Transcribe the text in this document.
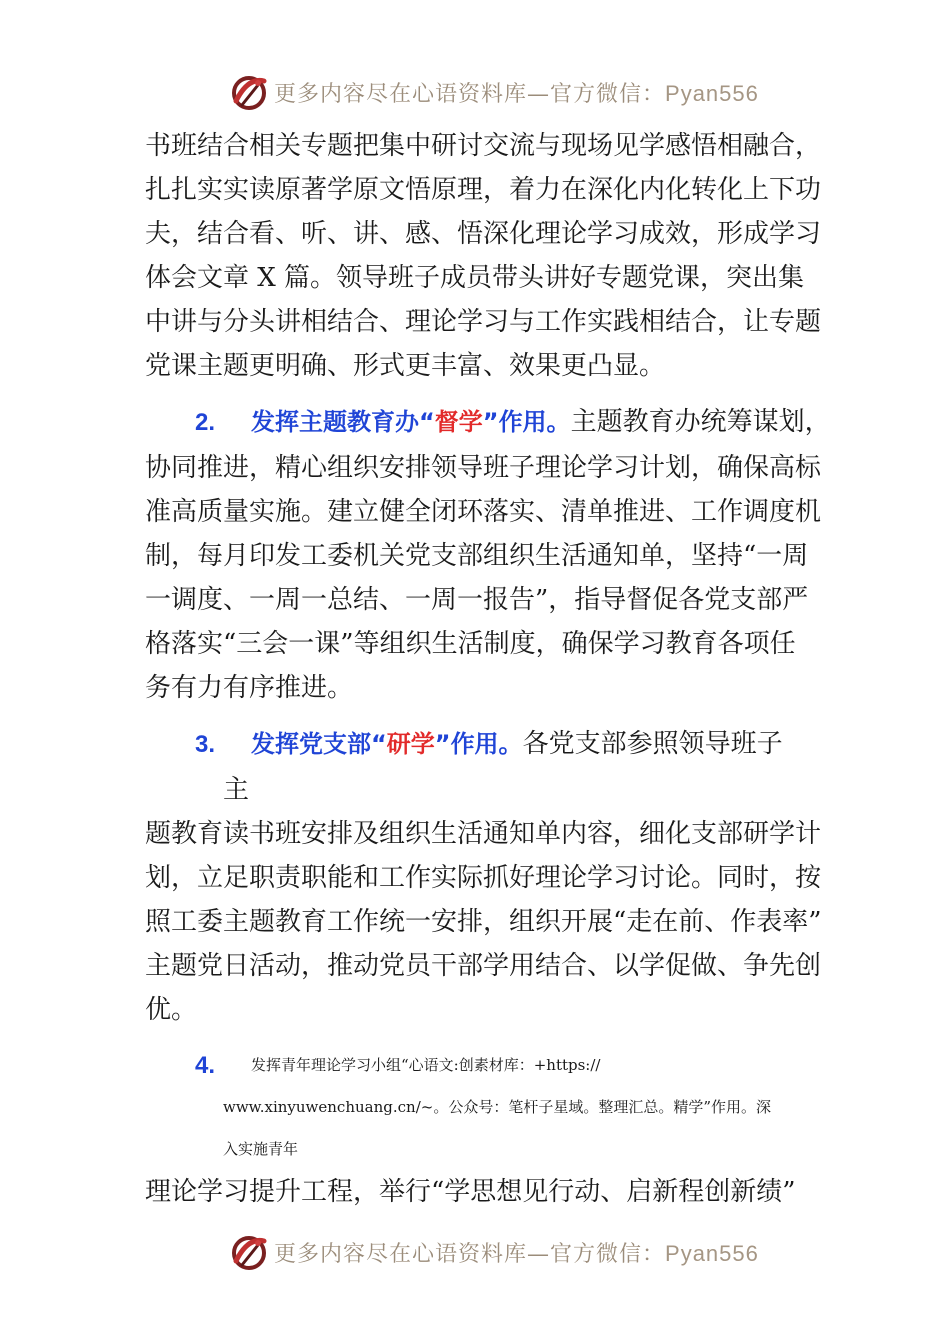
更多内容尽在心语资料库—官方微信：Pyan556
书班结合相关专题把集中研讨交流与现场见学感悟相融合，
扎扎实实读原著学原文悟原理，着力在深化内化转化上下功
夫，结合看、听、讲、感、悟深化理论学习成效，形成学习
体会文章 X 篇。领导班子成员带头讲好专题党课，突出集
中讲与分头讲相结合、理论学习与工作实践相结合，让专题
党课主题更明确、形式更丰富、效果更凸显。
2. 发挥主题教育办“督学”作用。主题教育办统筹谋划，
协同推进，精心组织安排领导班子理论学习计划，确保高标
准高质量实施。建立健全闭环落实、清单推进、工作调度机
制，每月印发工委机关党支部组织生活通知单，坚持“一周
一调度、一周一总结、一周一报告”，指导督促各党支部严
格落实“三会一课”等组织生活制度，确保学习教育各项任
务有力有序推进。
3. 发挥党支部“研学”作用。各党支部参照领导班子
主
题教育读书班安排及组织生活通知单内容，细化支部研学计
划，立足职责职能和工作实际抓好理论学习讨论。同时，按
照工委主题教育工作统一安排，组织开展“走在前、作表率”
主题党日活动，推动党员干部学用结合、以学促做、争先创
优。
4. 发挥青年理论学习小组“心语文:创素材库：+https://
www.xinyuwenchuang.cn/~。公众号：笔杆子星域。整理汇总。精学”作用。深
入实施青年
理论学习提升工程，举行“学思想见行动、启新程创新绩”
更多内容尽在心语资料库—官方微信：Pyan556
